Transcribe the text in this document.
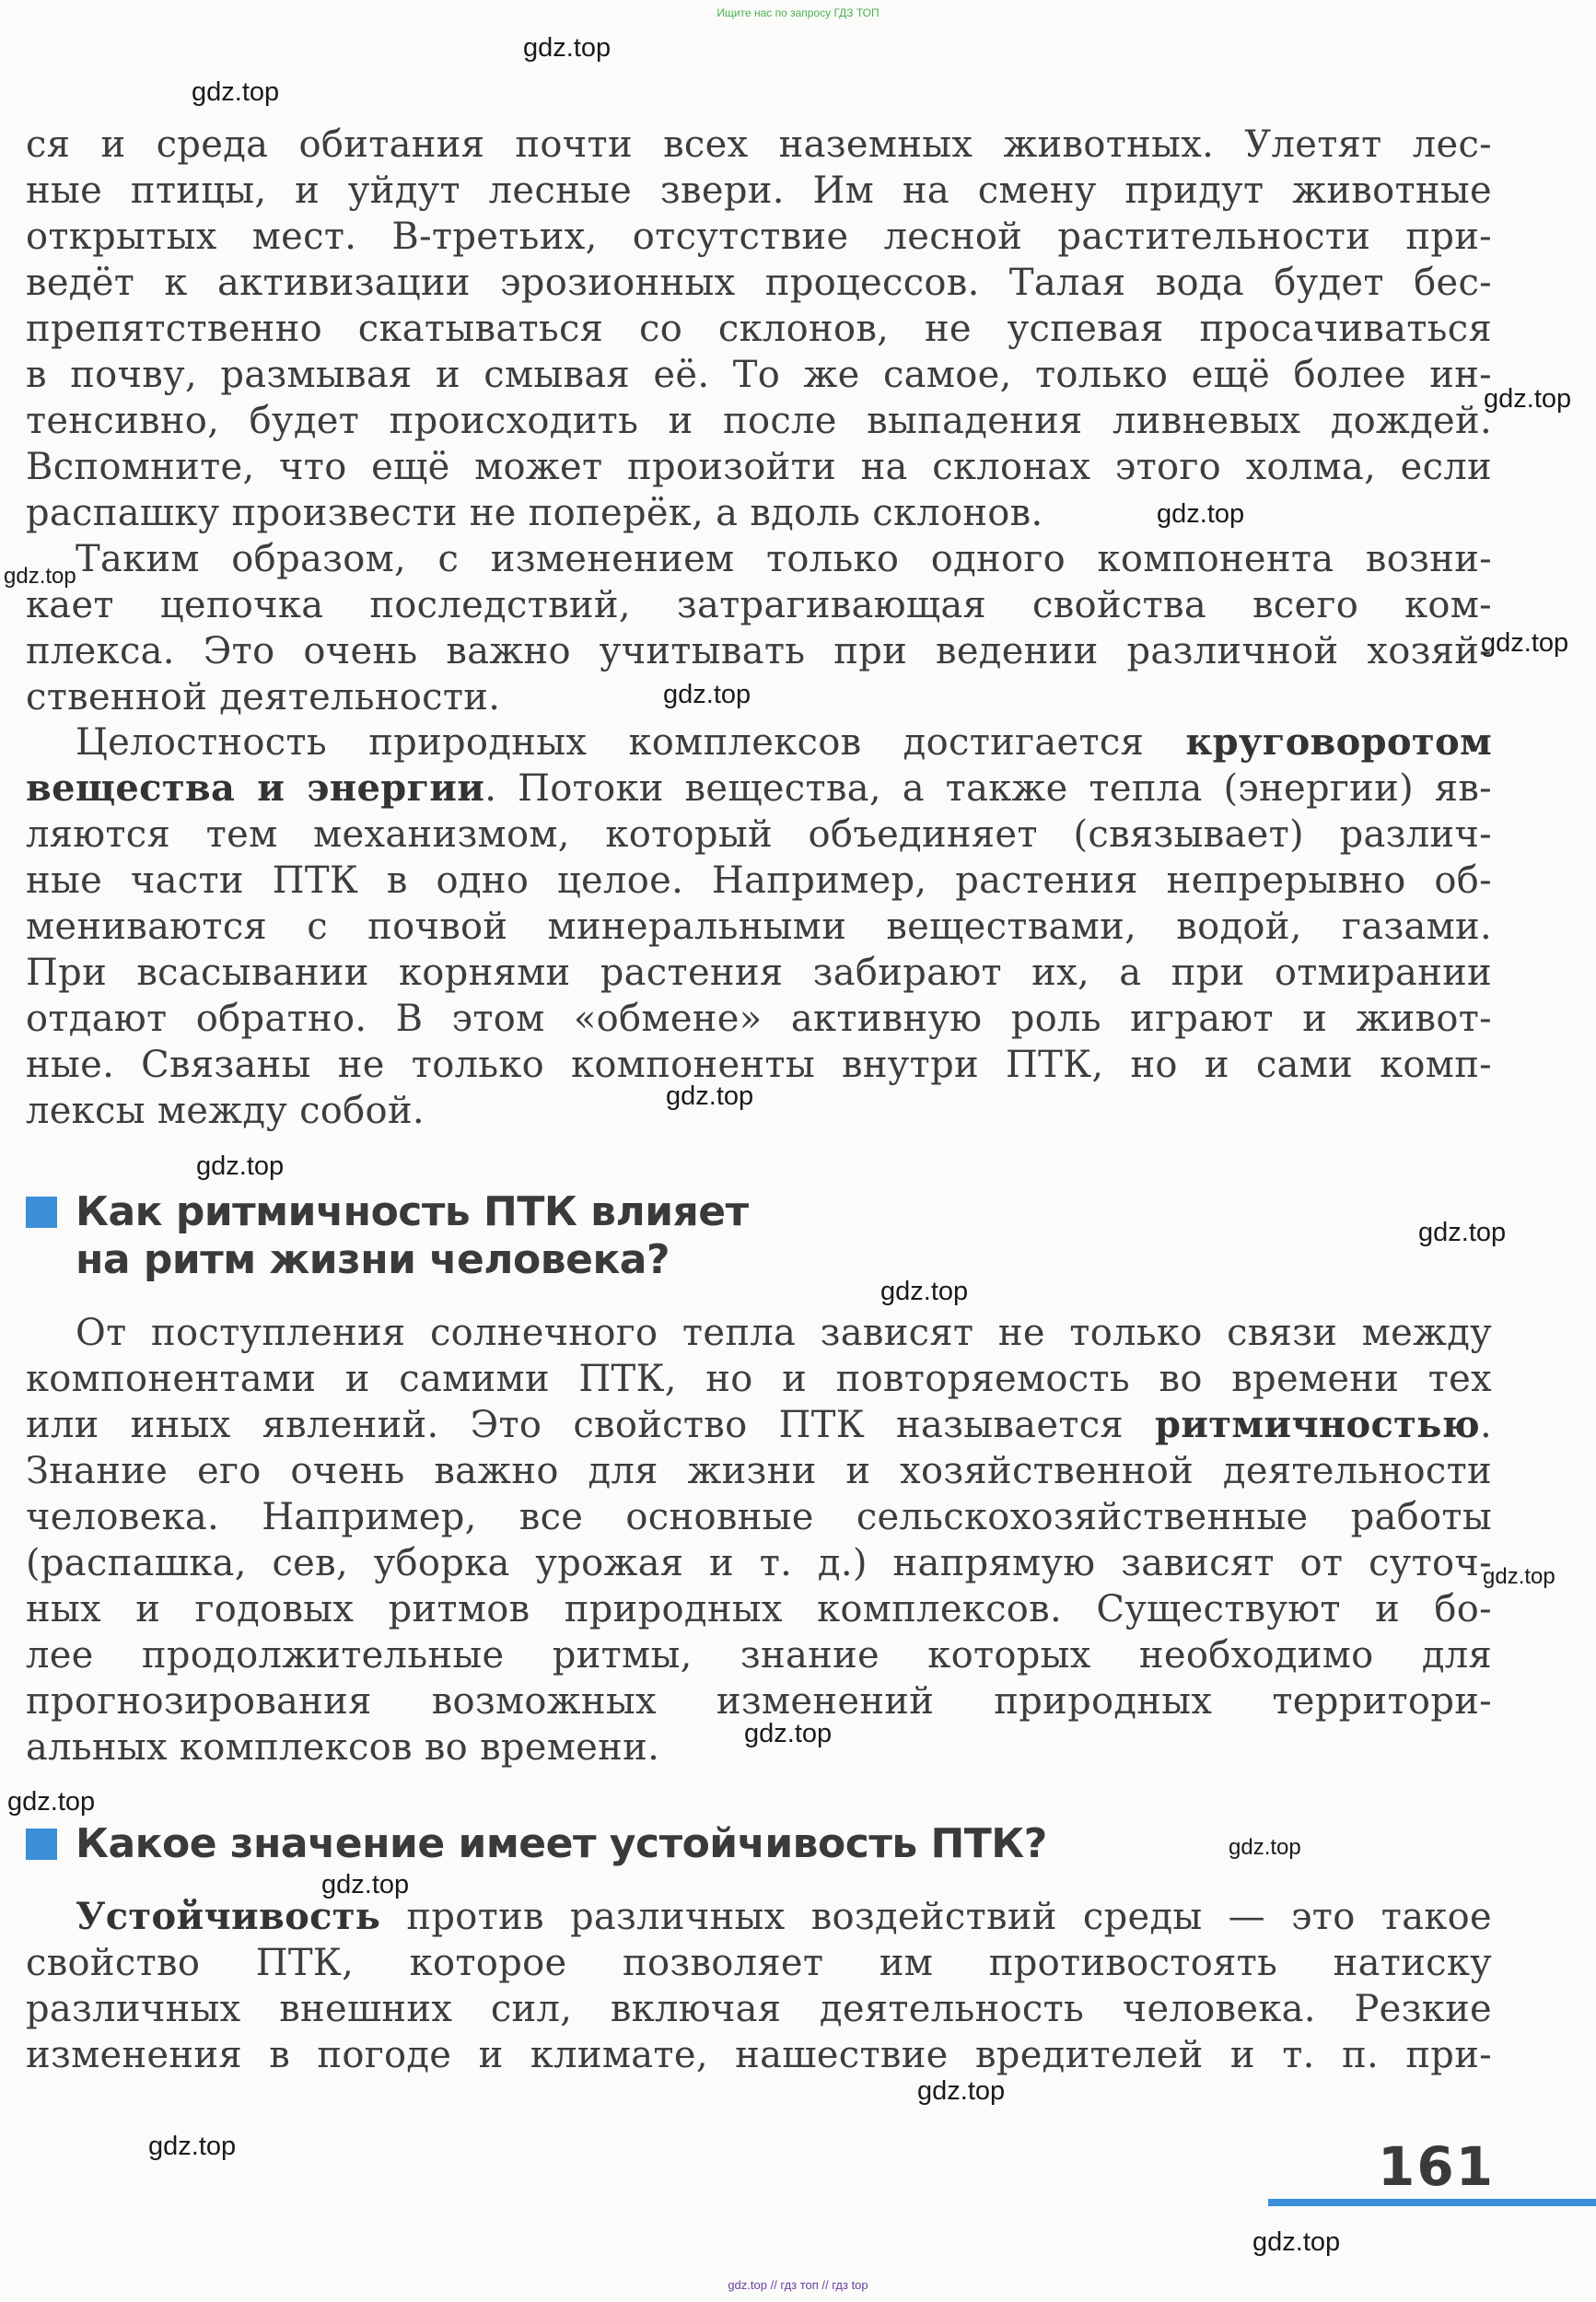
Ищите нас по запросу ГДЗ ТОП

ся и среда обитания почти всех наземных животных. Улетят лес-
ные птицы, и уйдут лесные звери. Им на смену придут животные
открытых мест. В-третьих, отсутствие лесной растительности при-
ведёт к активизации эрозионных процессов. Талая вода будет бес-
препятственно скатываться со склонов, не успевая просачиваться
в почву, размывая и смывая её. То же самое, только ещё более ин-
тенсивно, будет происходить и после выпадения ливневых дождей.
Вспомните, что ещё может произойти на склонах этого холма, если
распашку произвести не поперёк, а вдоль склонов.

Таким образом, с изменением только одного компонента возни-
кает цепочка последствий, затрагивающая свойства всего ком-
плекса. Это очень важно учитывать при ведении различной хозяй-
ственной деятельности.

Целостность природных комплексов достигается круговоротом
вещества и энергии. Потоки вещества, а также тепла (энергии) яв-
ляются тем механизмом, который объединяет (связывает) различ-
ные части ПТК в одно целое. Например, растения непрерывно об-
мениваются с почвой минеральными веществами, водой, газами.
При всасывании корнями растения забирают их, а при отмирании
отдают обратно. В этом «обмене» активную роль играют и живот-
ные. Связаны не только компоненты внутри ПТК, но и сами комп-
лексы между собой.

Как ритмичность ПТК влияет
на ритм жизни человека?

От поступления солнечного тепла зависят не только связи между
компонентами и самими ПТК, но и повторяемость во времени тех
или иных явлений. Это свойство ПТК называется ритмичностью.
Знание его очень важно для жизни и хозяйственной деятельности
человека. Например, все основные сельскохозяйственные работы
(распашка, сев, уборка урожая и т. д.) напрямую зависят от суточ-
ных и годовых ритмов природных комплексов. Существуют и бо-
лее продолжительные ритмы, знание которых необходимо для
прогнозирования возможных изменений природных территори-
альных комплексов во времени.

Какое значение имеет устойчивость ПТК?

Устойчивость против различных воздействий среды — это такое
свойство ПТК, которое позволяет им противостоять натиску
различных внешних сил, включая деятельность человека. Резкие
изменения в погоде и климате, нашествие вредителей и т. п. при-

161
gdz.top
gdz.top
gdz.top
gdz.top
gdz.top
gdz.top
gdz.top
gdz.top
gdz.top
gdz.top
gdz.top
gdz.top
gdz.top
gdz.top
gdz.top
gdz.top
gdz.top
gdz.top
gdz.top
gdz.top // гдз топ // гдз top
